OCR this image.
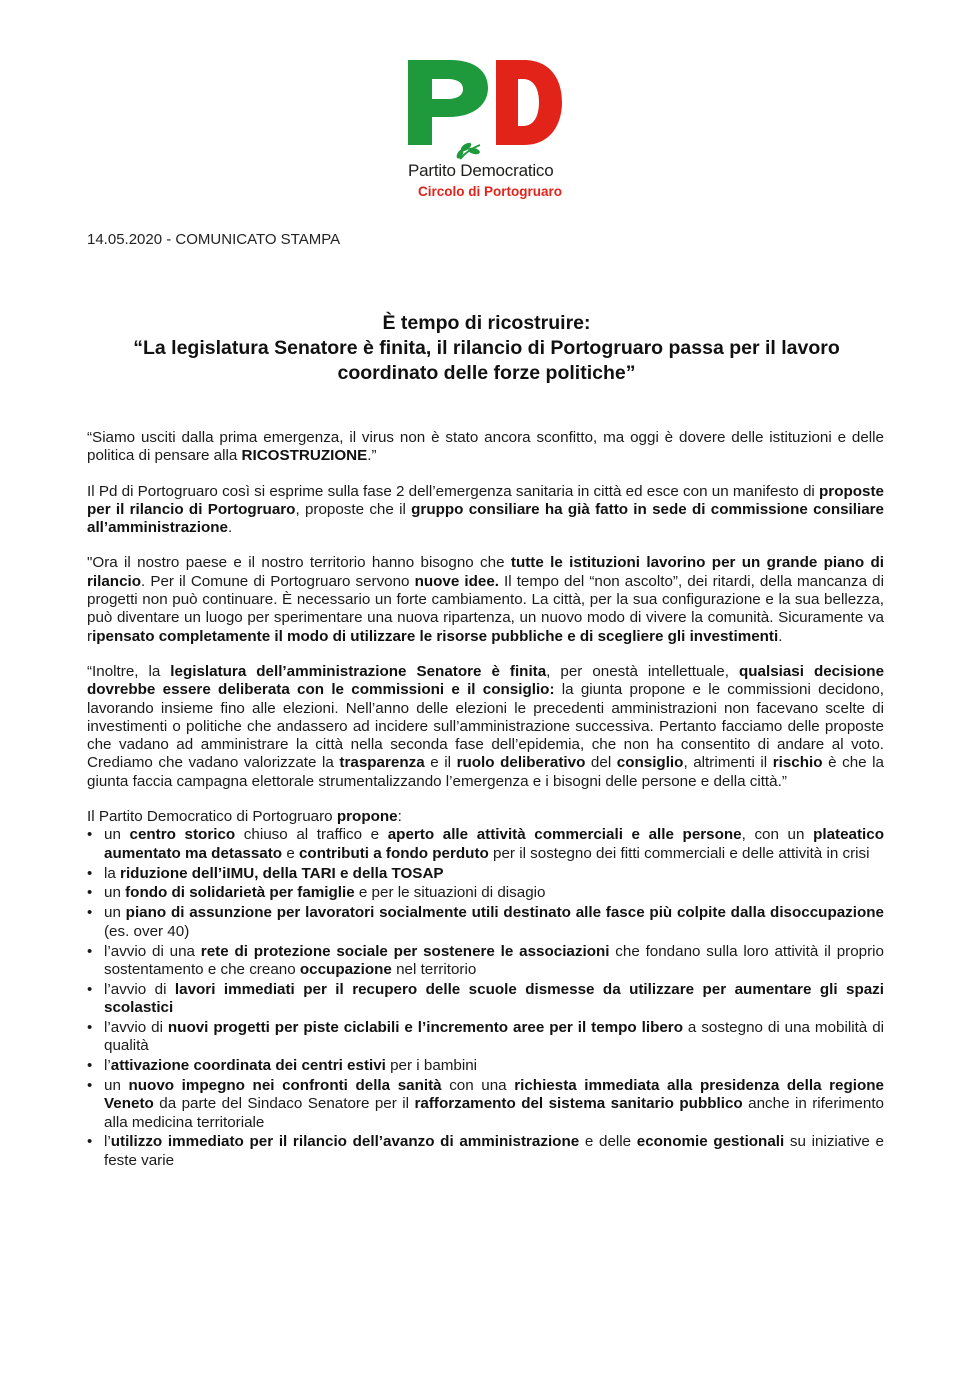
Partito Democratico
Circolo di Portogruaro
14.05.2020 - COMUNICATO STAMPA
È tempo di ricostruire:
“La legislatura Senatore è finita, il rilancio di Portogruaro passa per il lavoro
coordinato delle forze politiche”

“Siamo usciti dalla prima emergenza, il virus non è stato ancora sconfitto, ma oggi è dovere delle istituzioni e delle politica di pensare alla RICOSTRUZIONE.”

Il Pd di Portogruaro così si esprime sulla fase 2 dell’emergenza sanitaria in città ed esce con un manifesto di proposte per il rilancio di Portogruaro, proposte che il gruppo consiliare ha già fatto in sede di commissione consiliare all’amministrazione.

"Ora il nostro paese e il nostro territorio hanno bisogno che tutte le istituzioni lavorino per un grande piano di rilancio. Per il Comune di Portogruaro servono nuove idee. Il tempo del “non ascolto”, dei ritardi, della mancanza di progetti non può continuare. È necessario un forte cambiamento. La città, per la sua configurazione e la sua bellezza, può diventare un luogo per sperimentare una nuova ripartenza, un nuovo modo di vivere la comunità. Sicuramente va ripensato completamente il modo di utilizzare le risorse pubbliche e di scegliere gli investimenti.

“Inoltre, la legislatura dell’amministrazione Senatore è finita, per onestà intellettuale, qualsiasi decisione dovrebbe essere deliberata con le commissioni e il consiglio: la giunta propone e le commissioni decidono, lavorando insieme fino alle elezioni. Nell’anno delle elezioni le precedenti amministrazioni non facevano scelte di investimenti o politiche che andassero ad incidere sull’amministrazione successiva. Pertanto facciamo delle proposte che vadano ad amministrare la città nella seconda fase dell’epidemia, che non ha consentito di andare al voto. Crediamo che vadano valorizzate la trasparenza e il ruolo deliberativo del consiglio, altrimenti il rischio è che la giunta faccia campagna elettorale strumentalizzando l’emergenza e i bisogni delle persone e della città.”

Il Partito Democratico di Portogruaro propone:
• un centro storico chiuso al traffico e aperto alle attività commerciali e alle persone, con un plateatico aumentato ma detassato e contributi a fondo perduto per il sostegno dei fitti commerciali e delle attività in crisi
• la riduzione dell’iIMU, della TARI e della TOSAP
• un fondo di solidarietà per famiglie e per le situazioni di disagio
• un piano di assunzione per lavoratori socialmente utili destinato alle fasce più colpite dalla disoccupazione (es. over 40)
• l’avvio di una rete di protezione sociale per sostenere le associazioni che fondano sulla loro attività il proprio sostentamento e che creano occupazione nel territorio
• l’avvio di lavori immediati per il recupero delle scuole dismesse da utilizzare per aumentare gli spazi scolastici
• l’avvio di nuovi progetti per piste ciclabili e l’incremento aree per il tempo libero a sostegno di una mobilità di qualità
• l’attivazione coordinata dei centri estivi per i bambini
• un nuovo impegno nei confronti della sanità con una richiesta immediata alla presidenza della regione Veneto da parte del Sindaco Senatore per il rafforzamento del sistema sanitario pubblico anche in riferimento alla medicina territoriale
• l’utilizzo immediato per il rilancio dell’avanzo di amministrazione e delle economie gestionali su iniziative e feste varie
